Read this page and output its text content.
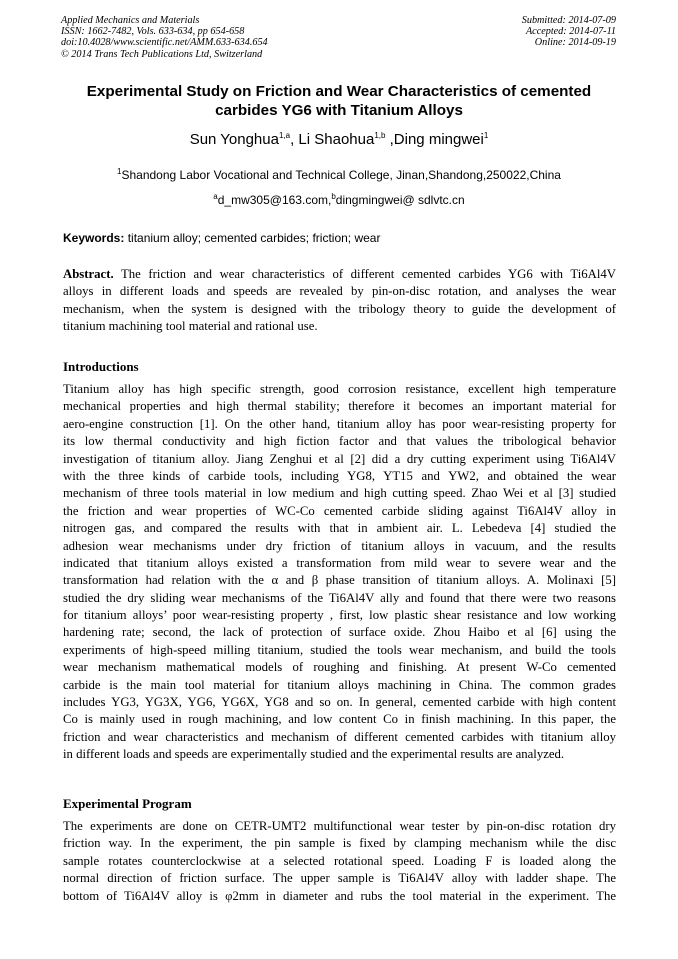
Applied Mechanics and Materials
ISSN: 1662-7482, Vols. 633-634, pp 654-658
doi:10.4028/www.scientific.net/AMM.633-634.654
© 2014 Trans Tech Publications Ltd, Switzerland
Submitted: 2014-07-09
Accepted: 2014-07-11
Online: 2014-09-19
Experimental Study on Friction and Wear Characteristics of cemented
carbides YG6 with Titanium Alloys
Sun Yonghua$^{1,a}$, Li Shaohua$^{1,b}$ ,Ding mingwei$^1$
$^1$Shandong Labor Vocational and Technical College, Jinan,Shandong,250022,China
$^a$d_mw305@163.com,$^b$dingmingwei@ sdlvtc.cn
Keywords: titanium alloy; cemented carbides; friction; wear
Abstract. The friction and wear characteristics of different cemented carbides YG6 with Ti6Al4V
alloys in different loads and speeds are revealed by pin-on-disc rotation, and analyses the wear
mechanism, when the system is designed with the tribology theory to guide the development of
titanium machining tool material and rational use.
Introductions
Titanium alloy has high specific strength, good corrosion resistance, excellent high temperature
mechanical properties and high thermal stability; therefore it becomes an important material for
aero-engine construction [1]. On the other hand, titanium alloy has poor wear-resisting property for
its low thermal conductivity and high fiction factor and that values the tribological behavior
investigation of titanium alloy. Jiang Zenghui et al [2] did a dry cutting experiment using Ti6Al4V
with the three kinds of carbide tools, including YG8, YT15 and YW2, and obtained the wear
mechanism of three tools material in low medium and high cutting speed. Zhao Wei et al [3] studied
the friction and wear properties of WC-Co cemented carbide sliding against Ti6Al4V alloy in
nitrogen gas, and compared the results with that in ambient air. L. Lebedeva [4] studied the
adhesion wear mechanisms under dry friction of titanium alloys in vacuum, and the results
indicated that titanium alloys existed a transformation from mild wear to severe wear and the
transformation had relation with the α and β phase transition of titanium alloys. A. Molinaxi [5]
studied the dry sliding wear mechanisms of the Ti6Al4V ally and found that there were two reasons
for titanium alloys’ poor wear-resisting property , first, low plastic shear resistance and low working
hardening rate; second, the lack of protection of surface oxide. Zhou Haibo et al [6] using the
experiments of high-speed milling titanium, studied the tools wear mechanism, and build the tools
wear mechanism mathematical models of roughing and finishing. At present W-Co cemented
carbide is the main tool material for titanium alloys machining in China. The common grades
includes YG3, YG3X, YG6, YG6X, YG8 and so on. In general, cemented carbide with high content
Co is mainly used in rough machining, and low content Co in finish machining. In this paper, the
friction and wear characteristics and mechanism of different cemented carbides with titanium alloy
in different loads and speeds are experimentally studied and the experimental results are analyzed.
Experimental Program
The experiments are done on CETR-UMT2 multifunctional wear tester by pin-on-disc rotation dry
friction way. In the experiment, the pin sample is fixed by clamping mechanism while the disc
sample rotates counterclockwise at a selected rotational speed. Loading F is loaded along the
normal direction of friction surface. The upper sample is Ti6Al4V alloy with ladder shape. The
bottom of Ti6Al4V alloy is φ2mm in diameter and rubs the tool material in the experiment. The
